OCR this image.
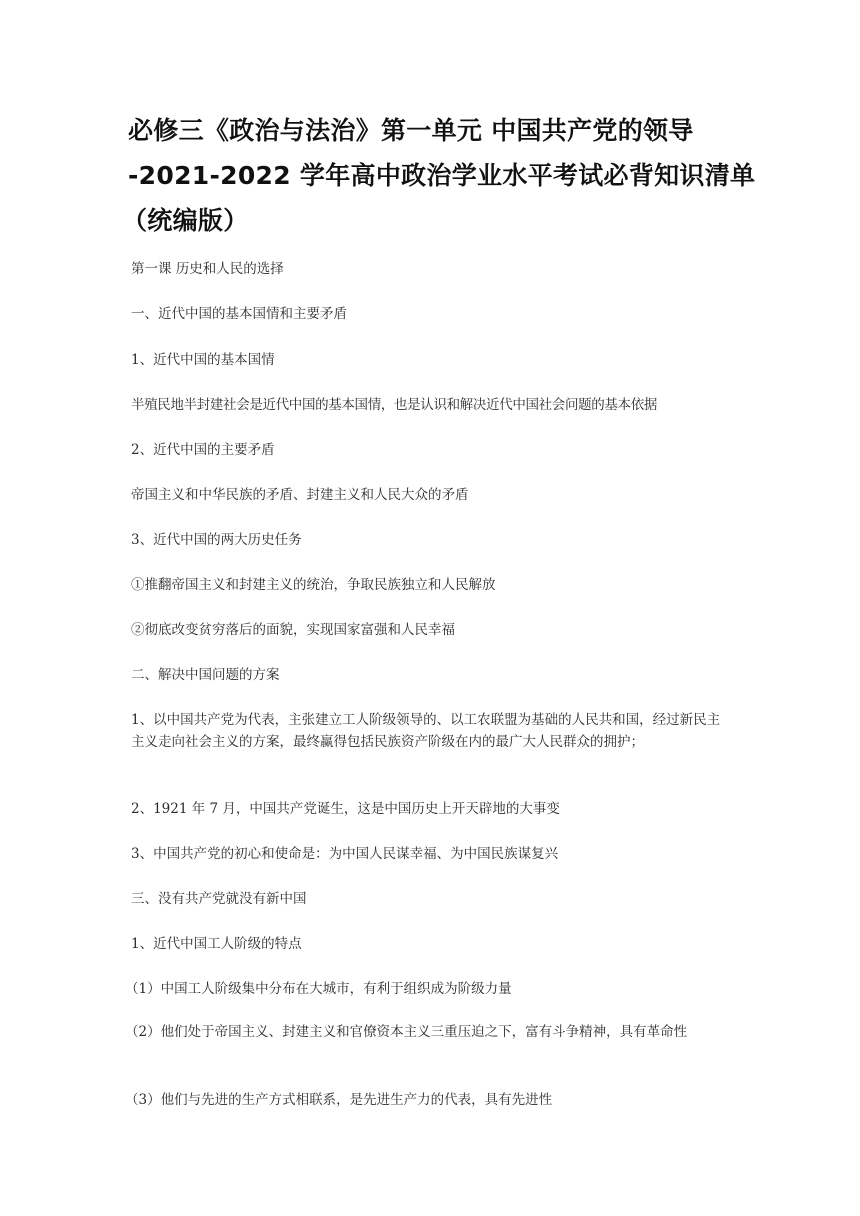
必修三《政治与法治》第一单元 中国共产党的领导
-2021-2022 学年高中政治学业水平考试必背知识清单
（统编版）

第一课 历史和人民的选择

一、近代中国的基本国情和主要矛盾

1、近代中国的基本国情

半殖民地半封建社会是近代中国的基本国情，也是认识和解决近代中国社会问题的基本依据

2、近代中国的主要矛盾

帝国主义和中华民族的矛盾、封建主义和人民大众的矛盾

3、近代中国的两大历史任务

①推翻帝国主义和封建主义的统治，争取民族独立和人民解放

②彻底改变贫穷落后的面貌，实现国家富强和人民幸福

二、解决中国问题的方案

1、以中国共产党为代表，主张建立工人阶级领导的、以工农联盟为基础的人民共和国，经过新民主主义走向社会主义的方案，最终赢得包括民族资产阶级在内的最广大人民群众的拥护；

2、1921 年 7 月，中国共产党诞生，这是中国历史上开天辟地的大事变

3、中国共产党的初心和使命是：为中国人民谋幸福、为中国民族谋复兴

三、没有共产党就没有新中国

1、近代中国工人阶级的特点

（1）中国工人阶级集中分布在大城市，有利于组织成为阶级力量

（2）他们处于帝国主义、封建主义和官僚资本主义三重压迫之下，富有斗争精神，具有革命性

（3）他们与先进的生产方式相联系，是先进生产力的代表，具有先进性
